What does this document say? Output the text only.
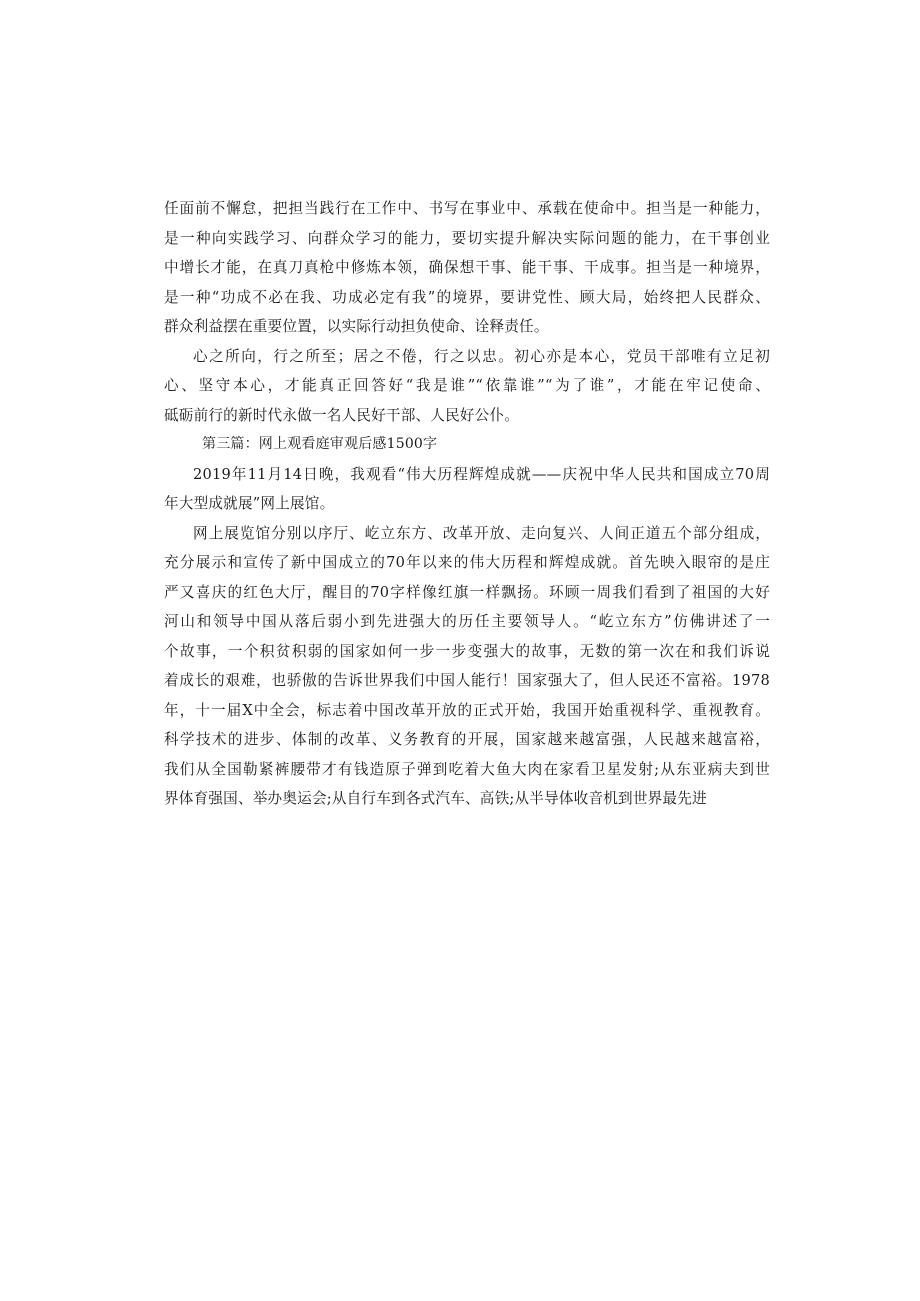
任面前不懈怠，把担当践行在工作中、书写在事业中、承载在使命中。担当是一种能力，
是一种向实践学习、向群众学习的能力，要切实提升解决实际问题的能力，在干事创业
中增长才能，在真刀真枪中修炼本领，确保想干事、能干事、干成事。担当是一种境界，
是一种“功成不必在我、功成必定有我”的境界，要讲党性、顾大局，始终把人民群众、
群众利益摆在重要位置，以实际行动担负使命、诠释责任。
心之所向，行之所至；居之不倦，行之以忠。初心亦是本心，党员干部唯有立足初
心、坚守本心，才能真正回答好“我是谁”“依靠谁”“为了谁”，才能在牢记使命、
砥砺前行的新时代永做一名人民好干部、人民好公仆。
第三篇：网上观看庭审观后感1500字
2019年11月14日晚，我观看“伟大历程辉煌成就——庆祝中华人民共和国成立70周
年大型成就展”网上展馆。
网上展览馆分别以序厅、屹立东方、改革开放、走向复兴、人间正道五个部分组成，
充分展示和宣传了新中国成立的70年以来的伟大历程和辉煌成就。首先映入眼帘的是庄
严又喜庆的红色大厅，醒目的70字样像红旗一样飘扬。环顾一周我们看到了祖国的大好
河山和领导中国从落后弱小到先进强大的历任主要领导人。“屹立东方”仿佛讲述了一
个故事，一个积贫积弱的国家如何一步一步变强大的故事，无数的第一次在和我们诉说
着成长的艰难，也骄傲的告诉世界我们中国人能行！国家强大了，但人民还不富裕。1978
年，十一届X中全会，标志着中国改革开放的正式开始，我国开始重视科学、重视教育。
科学技术的进步、体制的改革、义务教育的开展，国家越来越富强，人民越来越富裕，
我们从全国勒紧裤腰带才有钱造原子弹到吃着大鱼大肉在家看卫星发射;从东亚病夫到世
界体育强国、举办奥运会;从自行车到各式汽车、高铁;从半导体收音机到世界最先进
